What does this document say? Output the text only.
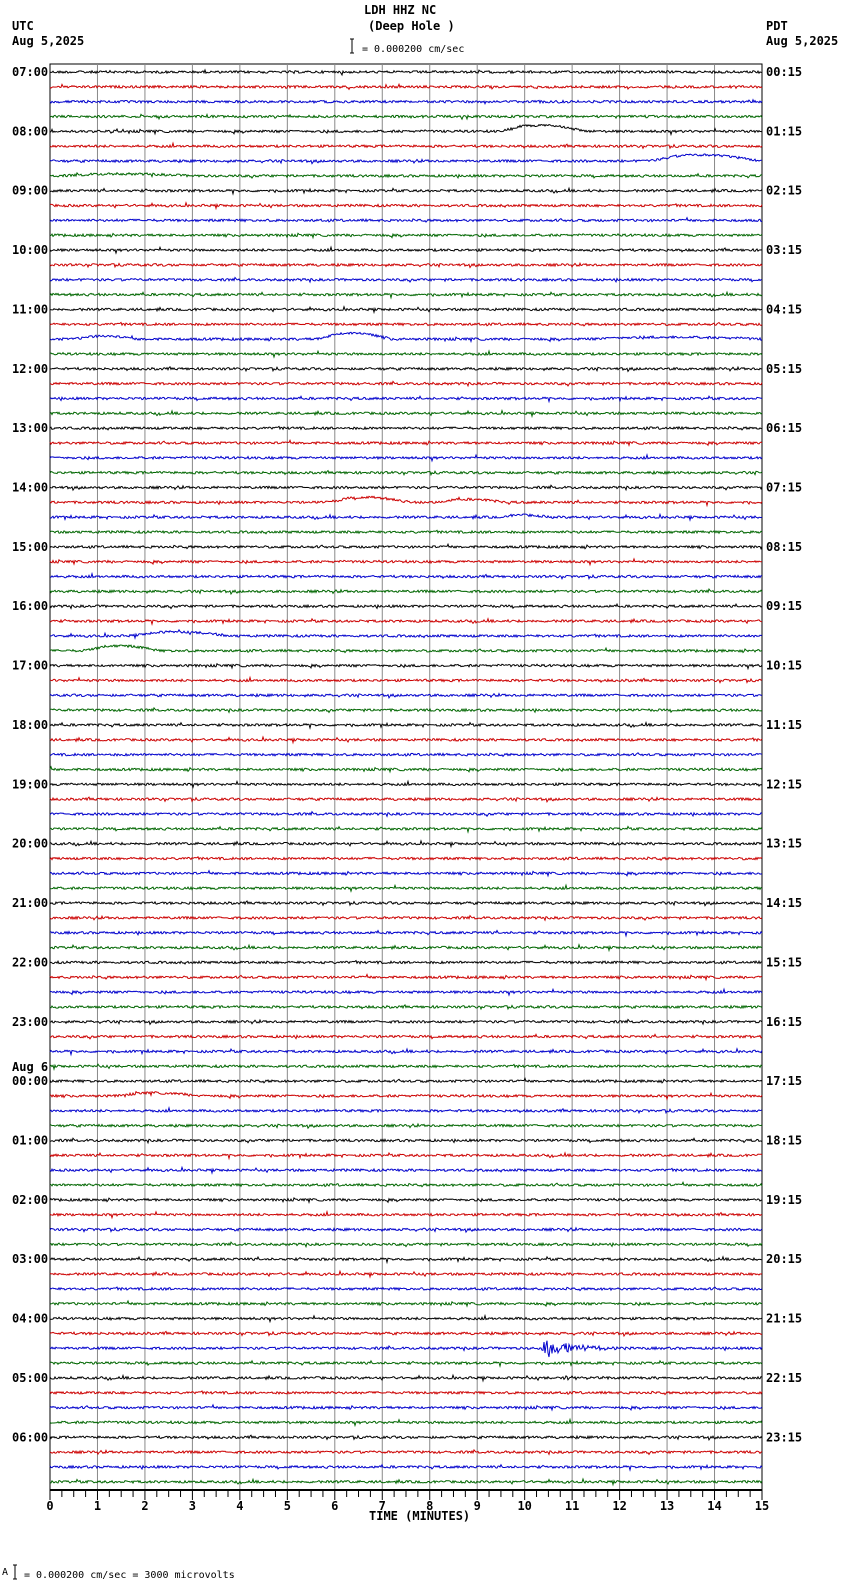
LDH HHZ NC
(Deep Hole )
UTC
Aug 5,2025
PDT
Aug 5,2025
= 0.000200 cm/sec
07:00	00:15
08:00	01:15
09:00	02:15
10:00	03:15
11:00	04:15
12:00	05:15
13:00	06:15
14:00	07:15
15:00	08:15
16:00	09:15
17:00	10:15
18:00	11:15
19:00	12:15
20:00	13:15
21:00	14:15
22:00	15:15
23:00	16:15
00:00	17:15
Aug 6
01:00	18:15
02:00	19:15
03:00	20:15
04:00	21:15
05:00	22:15
06:00	23:15
0	1	2	3	4	5	6	7	8	9	10	11	12	13	14	15
TIME (MINUTES)
A = 0.000200 cm/sec = 3000 microvolts
